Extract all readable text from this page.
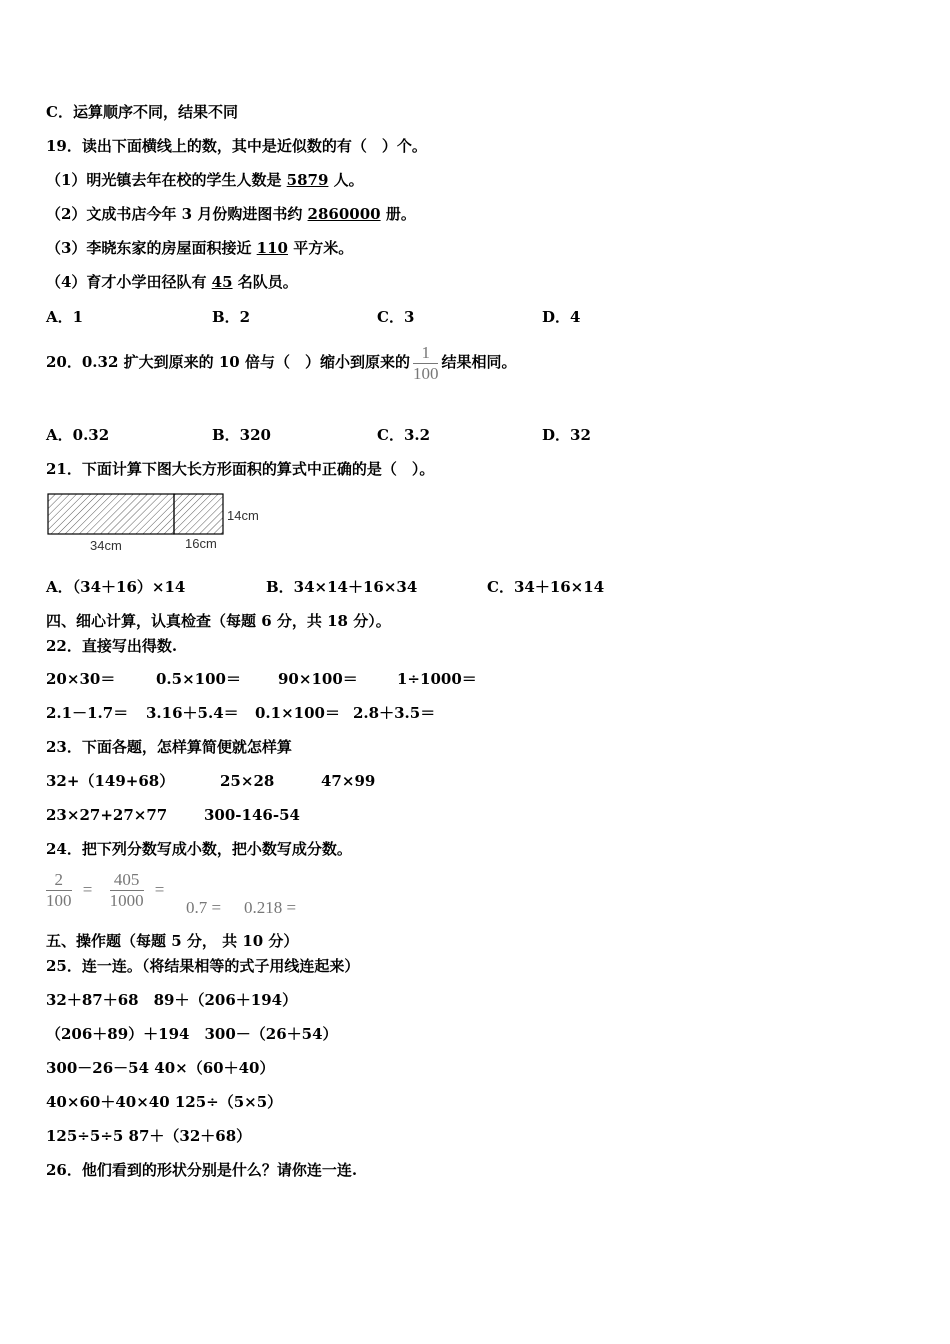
C．运算顺序不同，结果不同
19．读出下面横线上的数，其中是近似数的有（　）个。
（1）明光镇去年在校的学生人数是 5879 人。
（2）文成书店今年 3 月份购进图书约 2860000 册。
（3）李晓东家的房屋面积接近 110 平方米。
（4）育才小学田径队有 45 名队员。
A．1	B．2	C．3	D．4
20．0.32 扩大到原来的 10 倍与（　）缩小到原来的 $\frac{1}{100}$ 结果相同。
A．0.32	B．320	C．3.2	D．32
21．下面计算下图大长方形面积的算式中正确的是（　）。
14cm
34cm	16cm
A．（34＋16）×14	B．34×14＋16×34	C．34＋16×14
四、细心计算，认真检查（每题 6 分，共 18 分）。
22．直接写出得数.
20×30＝	0.5×100＝ 90×100＝	1÷1000＝
2.1－1.7＝ 3.16＋5.4＝ 0.1×100＝ 2.8＋3.5＝
23．下面各题，怎样算简便就怎样算
32+（149+68）	25×28	47×99
23×27+27×77 300-146-54
24．把下列分数写成小数，把小数写成分数。
$\frac{2}{100} = \frac{405}{1000}$ =
0.7 = 0.218 =
五、操作题（每题 5 分， 共 10 分）
25．连一连。（将结果相等的式子用线连起来）
32＋87＋68　89＋（206＋194）
（206＋89）＋194　300－（26＋54）
300－26－54 40×（60＋40）
40×60＋40×40 125÷（5×5）
125÷5÷5 87＋（32＋68）
26．他们看到的形状分别是什么？请你连一连.
